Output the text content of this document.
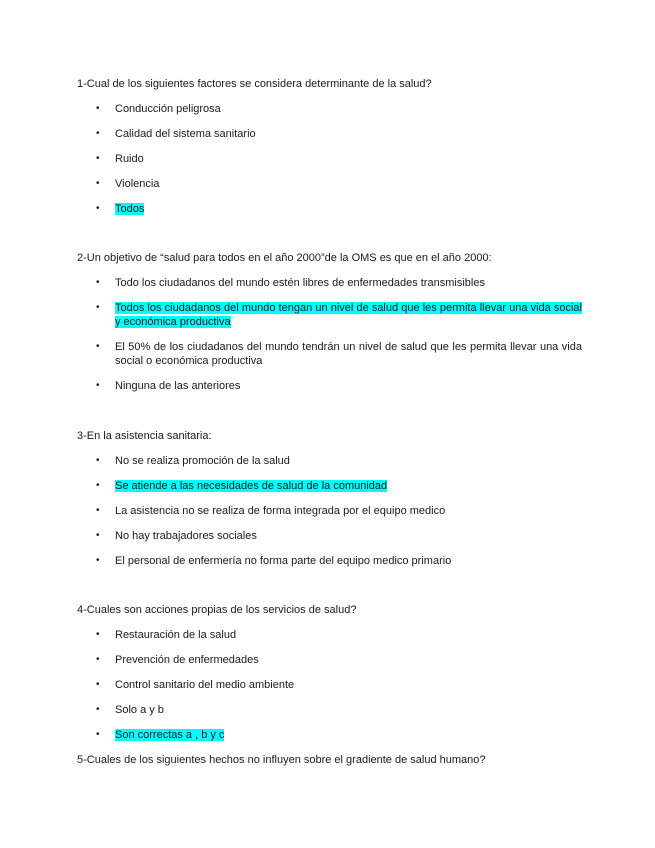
1-Cual de los siguientes factores se considera determinante de la salud?

• Conducción peligrosa
• Calidad del sistema sanitario
• Ruido
• Violencia
• Todos

2-Un objetivo de “salud para todos en el año 2000”de la OMS es que en el año 2000:

• Todo los ciudadanos del mundo estén libres de enfermedades transmisibles
• Todos los ciudadanos del mundo tengan un nivel de salud que les permita llevar una vida social y económica productiva
• El 50% de los ciudadanos del mundo tendrán un nivel de salud que les permita llevar una vida social o económica productiva
• Ninguna de las anteriores

3-En la asistencia sanitaria:

• No se realiza promoción de la salud
• Se atiende a las necesidades de salud de la comunidad
• La asistencia no se realiza de forma integrada por el equipo medico
• No hay trabajadores sociales
• El personal de enfermería no forma parte del equipo medico primario

4-Cuales son acciones propias de los servicios de salud?

• Restauración de la salud
• Prevención de enfermedades
• Control sanitario del medio ambiente
• Solo a y b
• Son correctas a , b y c

5-Cuales de los siguientes hechos no influyen sobre el gradiente de salud humano?
